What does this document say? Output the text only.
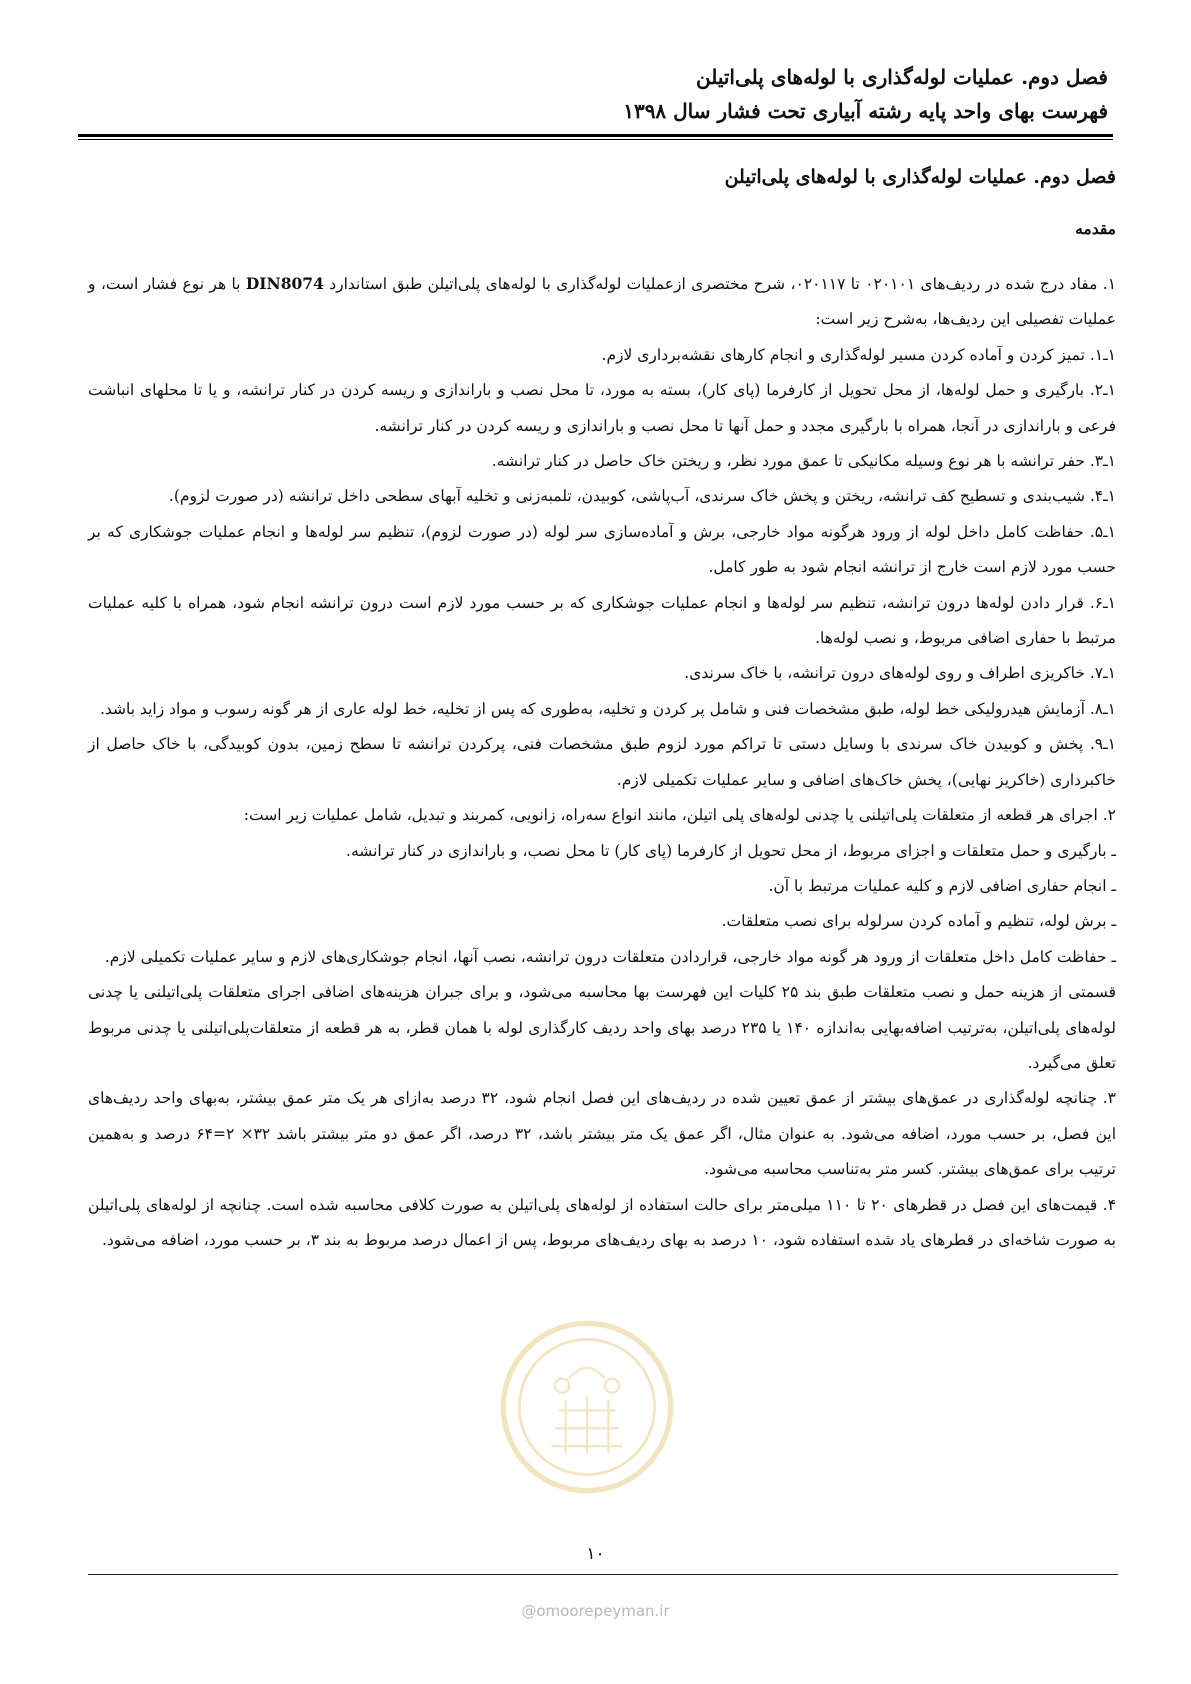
فصل دوم. عملیات لوله‌گذاری با لوله‌های پلی‌اتیلن
فهرست بهای واحد پایه رشته آبیاری تحت فشار سال ۱۳۹۸
فصل دوم. عملیات لوله‌گذاری با لوله‌های پلی‌اتیلن
مقدمه

۱. مفاد درج شده در ردیف‌های ۰۲۰۱۰۱ تا ۰۲۰۱۱۷، شرح مختصری ازعملیات لوله‌گذاری با لوله‌های پلی‌اتیلن طبق استاندارد DIN8074 با هر نوع فشار است، و عملیات تفصیلی این ردیف‌ها، به‌شرح زیر است:

۱ـ۱. تمیز کردن و آماده کردن مسیر لوله‌گذاری و انجام کارهای نقشه‌برداری لازم.

۱ـ۲. بارگیری و حمل لوله‌ها، از محل تحویل از کارفرما (پای کار)، بسته به مورد، تا محل نصب و باراندازی و ریسه کردن در کنار ترانشه، و یا تا محلهای انباشت فرعی و باراندازی در آنجا، همراه با بارگیری مجدد و حمل آنها تا محل نصب و باراندازی و ریسه کردن در کنار ترانشه.

۱ـ۳. حفر ترانشه با هر نوع وسیله مکانیکی تا عمق مورد نظر، و ریختن خاک حاصل در کنار ترانشه.

۱ـ۴. شیب‌بندی و تسطیح کف ترانشه، ریختن و پخش خاک سرندی، آب‌پاشی، کوبیدن، تلمبه‌زنی و تخلیه آبهای سطحی داخل ترانشه (در صورت لزوم).

۱ـ۵. حفاظت کامل داخل لوله از ورود هرگونه مواد خارجی، برش و آماده‌سازی سر لوله (در صورت لزوم)، تنظیم سر لوله‌ها و انجام عملیات جوشکاری که بر حسب مورد لازم است خارج از ترانشه انجام شود به طور کامل.

۱ـ۶. قرار دادن لوله‌ها درون ترانشه، تنظیم سر لوله‌ها و انجام عملیات جوشکاری که بر حسب مورد لازم است درون ترانشه انجام شود، همراه با کلیه عملیات مرتبط با حفاری اضافی مربوط، و نصب لوله‌ها.

۱ـ۷. خاکریزی اطراف و روی لوله‌های درون ترانشه، با خاک سرندی.

۱ـ۸. آزمایش هیدرولیکی خط لوله، طبق مشخصات فنی و شامل پر کردن و تخلیه، به‌طوری که پس از تخلیه، خط لوله عاری از هر گونه رسوب و مواد زاید باشد.

۱ـ۹. پخش و کوبیدن خاک سرندی با وسایل دستی تا تراکم مورد لزوم طبق مشخصات فنی، پرکردن ترانشه تا سطح زمین، بدون کوبیدگی، با خاک حاصل از خاکبرداری (خاکریز نهایی)، پخش خاک‌های اضافی و سایر عملیات تکمیلی لازم.

۲. اجرای هر قطعه از متعلقات پلی‌اتیلنی یا چدنی لوله‌های پلی اتیلن، مانند انواع سه‌راه، زانویی، کمربند و تبدیل، شامل عملیات زیر است:

ـ بارگیری و حمل متعلقات و اجزای مربوط، از محل تحویل از کارفرما (پای کار) تا محل نصب، و باراندازی در کنار ترانشه.

ـ انجام حفاری اضافی لازم و کلیه عملیات مرتبط با آن.

ـ برش لوله، تنظیم و آماده کردن سرلوله برای نصب متعلقات.

ـ حفاظت کامل داخل متعلقات از ورود هر گونه مواد خارجی، قراردادن متعلقات درون ترانشه، نصب آنها، انجام جوشکاری‌های لازم و سایر عملیات تکمیلی لازم.

قسمتی از هزینه حمل و نصب متعلقات طبق بند ۲۵ کلیات این فهرست بها محاسبه می‌شود، و برای جبران هزینه‌های اضافی اجرای متعلقات پلی‌اتیلنی یا چدنی لوله‌های پلی‌اتیلن، به‌ترتیب اضافه‌بهایی به‌اندازه ۱۴۰ یا ۲۳۵ درصد بهای واحد ردیف کارگذاری لوله با همان قطر، به هر قطعه از متعلقات‌پلی‌اتیلنی یا چدنی مربوط تعلق می‌گیرد.

۳. چنانچه لوله‌گذاری در عمق‌های بیشتر از عمق تعیین شده در ردیف‌های این فصل انجام شود، ۳۲ درصد به‌ازای هر یک متر عمق بیشتر، به‌بهای واحد ردیف‌های این فصل، بر حسب مورد، اضافه می‌شود. به عنوان مثال، اگر عمق یک متر بیشتر باشد، ۳۲ درصد، اگر عمق دو متر بیشتر باشد ۳۲× ۲=۶۴ درصد و به‌همین ترتیب برای عمق‌های بیشتر. کسر متر به‌تناسب محاسبه می‌شود.

۴. قیمت‌های این فصل در قطرهای ۲۰ تا ۱۱۰ میلی‌متر برای حالت استفاده از لوله‌های پلی‌اتیلن به صورت کلافی محاسبه شده است. چنانچه از لوله‌های پلی‌اتیلن به صورت شاخه‌ای در قطرهای یاد شده استفاده شود، ۱۰ درصد به بهای ردیف‌های مربوط، پس از اعمال درصد مربوط به بند ۳، بر حسب مورد، اضافه می‌شود.

۱۰
@omoorepeyman.ir
